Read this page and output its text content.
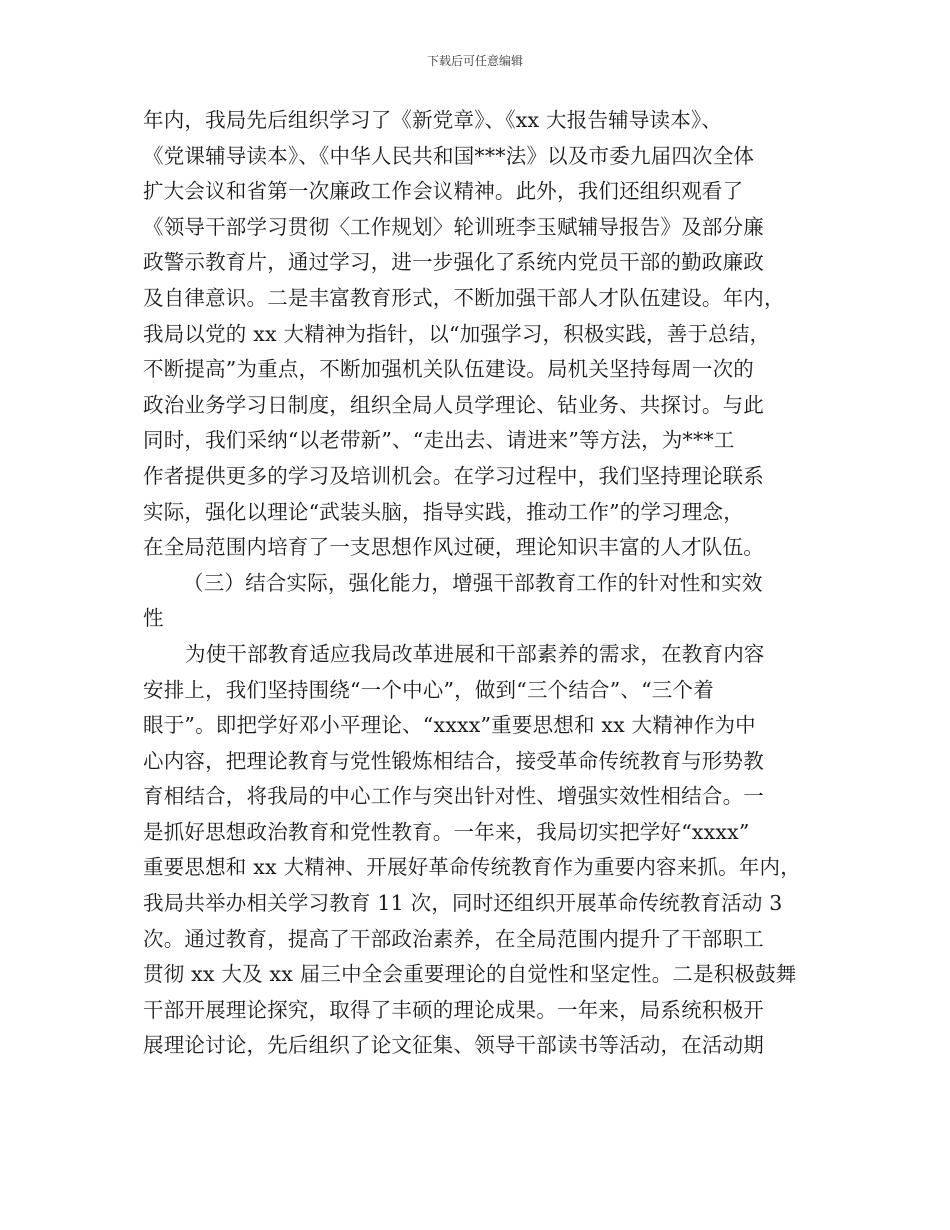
下载后可任意编辑
年内，我局先后组织学习了《新党章》、《xx 大报告辅导读本》、
《党课辅导读本》、《中华人民共和国***法》以及市委九届四次全体
扩大会议和省第一次廉政工作会议精神。此外，我们还组织观看了
《领导干部学习贯彻〈工作规划〉轮训班李玉赋辅导报告》及部分廉
政警示教育片，通过学习，进一步强化了系统内党员干部的勤政廉政
及自律意识。二是丰富教育形式，不断加强干部人才队伍建设。年内，
我局以党的 xx 大精神为指针，以“加强学习，积极实践，善于总结，
不断提高”为重点，不断加强机关队伍建设。局机关坚持每周一次的
政治业务学习日制度，组织全局人员学理论、钻业务、共探讨。与此
同时，我们采纳“以老带新”、“走出去、请进来”等方法，为***工
作者提供更多的学习及培训机会。在学习过程中，我们坚持理论联系
实际，强化以理论“武装头脑，指导实践，推动工作”的学习理念，
在全局范围内培育了一支思想作风过硬，理论知识丰富的人才队伍。
（三）结合实际，强化能力，增强干部教育工作的针对性和实效
性
为使干部教育适应我局改革进展和干部素养的需求，在教育内容
安排上，我们坚持围绕“一个中心”，做到“三个结合”、“三个着
眼于”。即把学好邓小平理论、“xxxx”重要思想和 xx 大精神作为中
心内容，把理论教育与党性锻炼相结合，接受革命传统教育与形势教
育相结合，将我局的中心工作与突出针对性、增强实效性相结合。一
是抓好思想政治教育和党性教育。一年来，我局切实把学好“xxxx”
重要思想和 xx 大精神、开展好革命传统教育作为重要内容来抓。年内，
我局共举办相关学习教育 11 次，同时还组织开展革命传统教育活动 3
次。通过教育，提高了干部政治素养，在全局范围内提升了干部职工
贯彻 xx 大及 xx 届三中全会重要理论的自觉性和坚定性。二是积极鼓舞
干部开展理论探究，取得了丰硕的理论成果。一年来，局系统积极开
展理论讨论，先后组织了论文征集、领导干部读书等活动，在活动期
